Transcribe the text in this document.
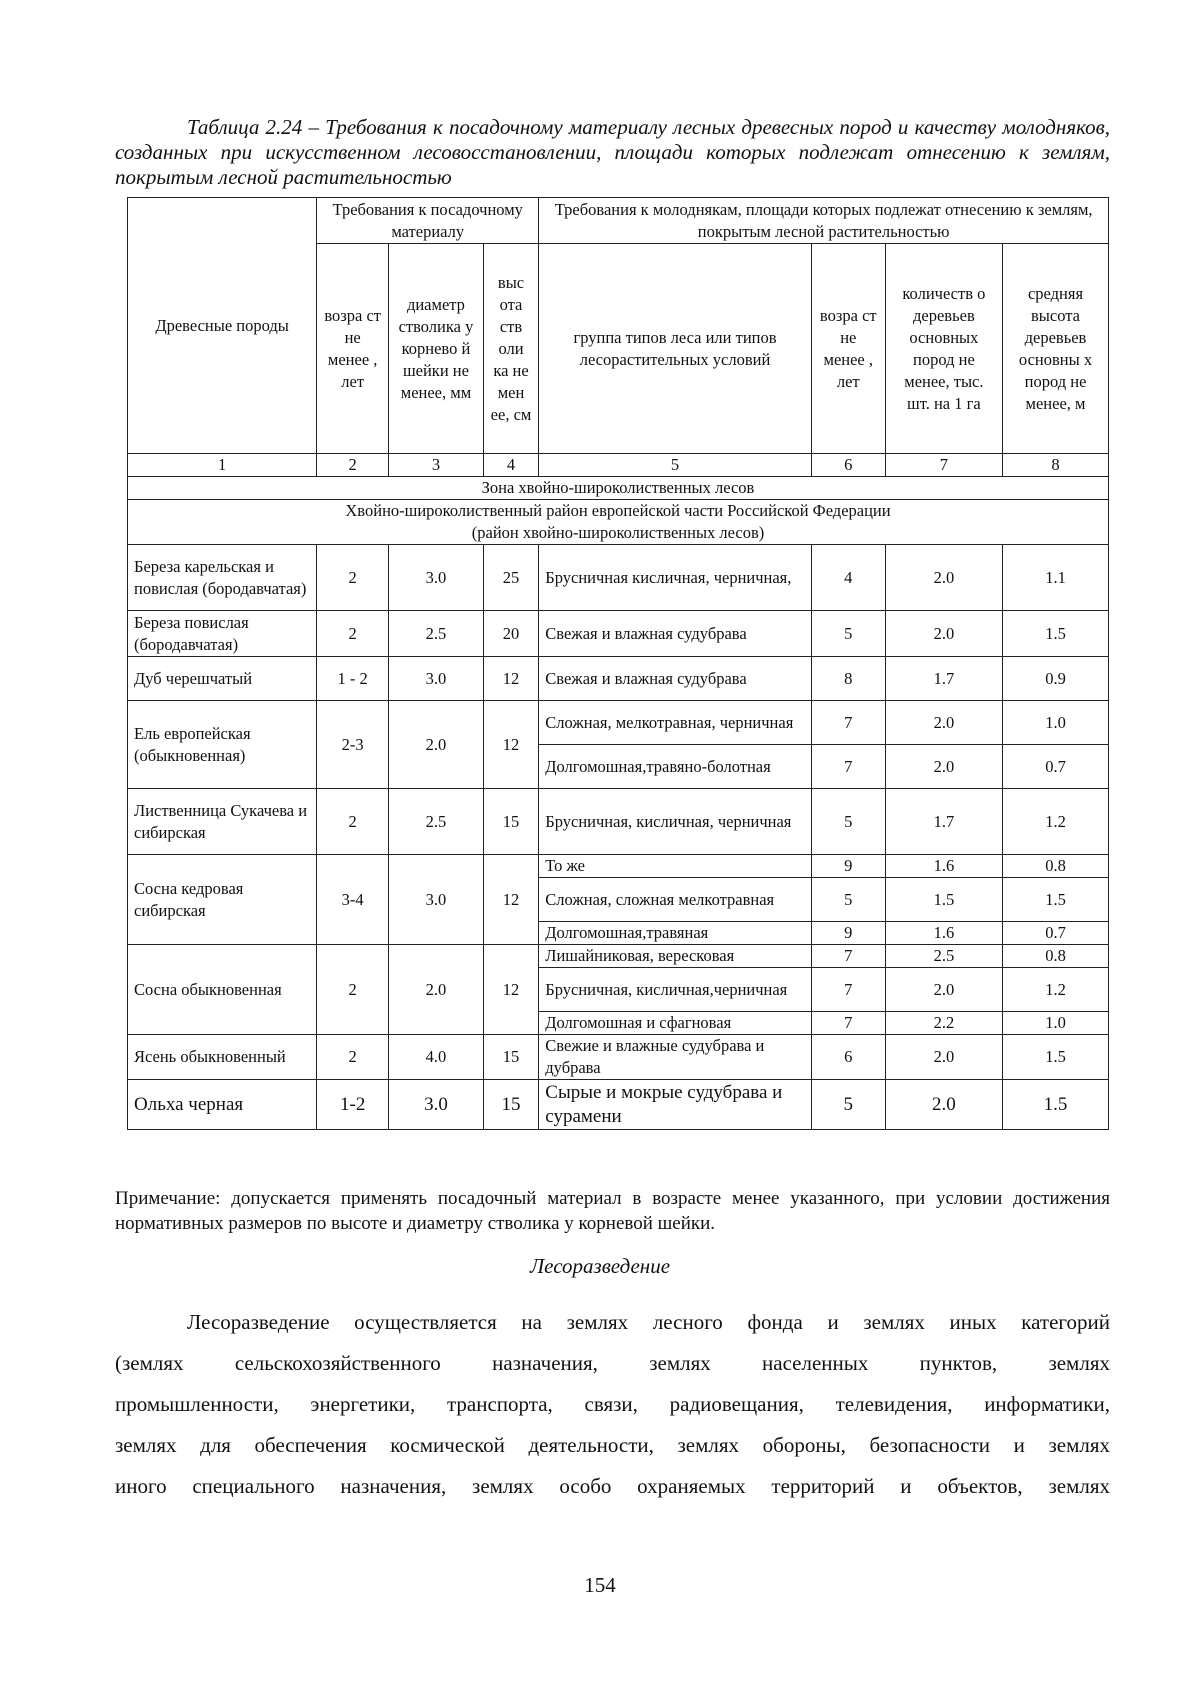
Таблица 2.24 – Требования к посадочному материалу лесных древесных пород и качеству молодняков, созданных при искусственном лесовосстановлении, площади которых подлежат отнесению к землям, покрытым лесной растительностью
Древесные породы	Требования к посадочному материалу			Требования к молоднякам, площади которых подлежат отнесению к землям, покрытым лесной растительностью			
	возра ст не менее , лет	диаметр стволика у корнево й шейки не менее, мм	выс ота ств оли ка не мен ее, см	группа типов леса или типов лесорастительных условий	возра ст не менее , лет	количеств о деревьев основных пород не менее, тыс. шт. на 1 га	средняя высота деревьев основны х пород не менее, м
1	2	3	4	5	6	7	8
Зона хвойно-широколиственных лесов							
Хвойно-широколиственный район европейской части Российской Федерации
(район хвойно-широколиственных лесов)							
Береза карельская и повислая (бородавчатая)	2	3.0	25	Брусничная кисличная, черничная,	4	2.0	1.1
Береза повислая (бородавчатая)	2	2.5	20	Свежая и влажная судубрава	5	2.0	1.5
Дуб черешчатый	1 - 2	3.0	12	Свежая и влажная судубрава	8	1.7	0.9
Ель европейская (обыкновенная)	2-3	2.0	12	Сложная, мелкотравная, черничная	7	2.0	1.0
				Долгомошная,травяно-болотная	7	2.0	0.7
Лиственница Сукачева и сибирская	2	2.5	15	Брусничная, кисличная, черничная	5	1.7	1.2
Сосна кедровая сибирская	3-4	3.0	12	То же	9	1.6	0.8
				Сложная, сложная мелкотравная	5	1.5	1.5
				Долгомошная,травяная	9	1.6	0.7
Сосна обыкновенная	2	2.0	12	Лишайниковая, вересковая	7	2.5	0.8
				Брусничная, кисличная,черничная	7	2.0	1.2
				Долгомошная и сфагновая	7	2.2	1.0
Ясень обыкновенный	2	4.0	15	Свежие и влажные судубрава и дубрава	6	2.0	1.5
Ольха черная	1-2	3.0	15	Сырые и мокрые судубрава и сурамени	5	2.0	1.5
Примечание: допускается применять посадочный материал в возрасте менее указанного, при условии достижения нормативных размеров по высоте и диаметру стволика у корневой шейки.
Лесоразведение
Лесоразведение осуществляется на землях лесного фонда и землях иных категорий
(землях сельскохозяйственного назначения, землях населенных пунктов, землях
промышленности, энергетики, транспорта, связи, радиовещания, телевидения, информатики,
землях для обеспечения космической деятельности, землях обороны, безопасности и землях
иного специального назначения, землях особо охраняемых территорий и объектов, землях
154
